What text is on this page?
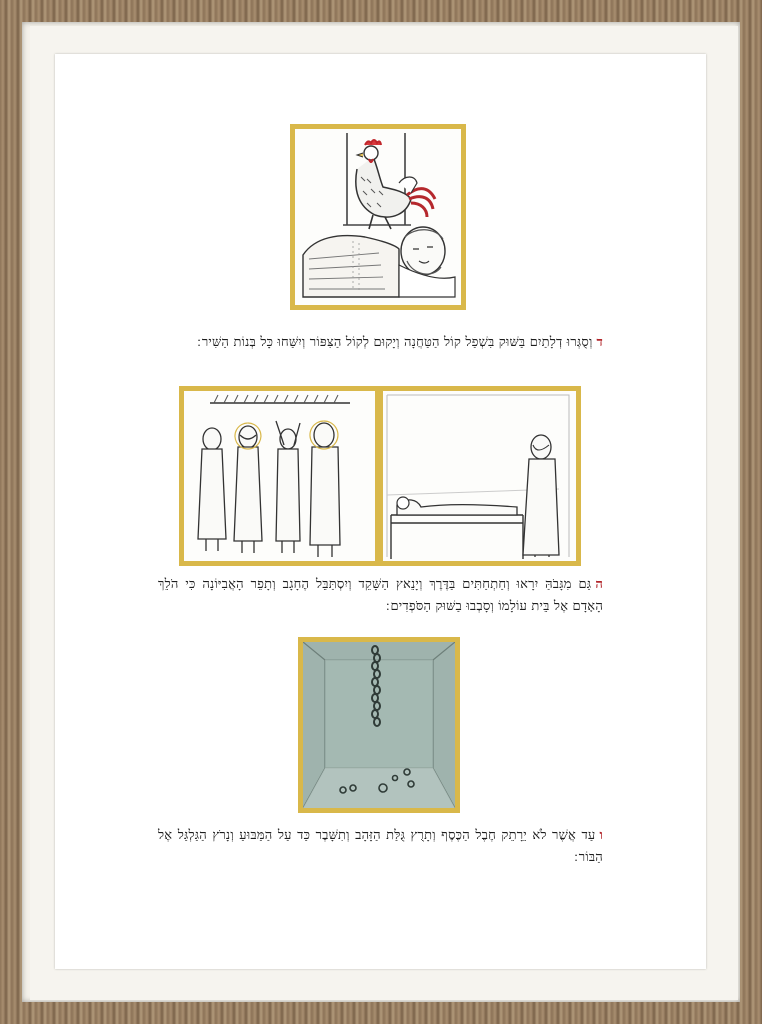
דוְסֻגְּרוּ דְלָתַיִם בַּשּׁוּק בִּשְׁפַל קוֹל הַטַּחֲנָה וְיָקוּם לְקוֹל הַצִּפּוֹר וְיִשַּׁחוּ כָּל בְּנוֹת הַשִּׁיר ׃
הגַּם מִגָּבֹהַּ יִרָאוּ וְחַתְחַתִּים בַּדֶּרֶךְ וְיָנֵאץ הַשָּׁקֵד וְיִסְתַּבֵּל הֶחָגָב וְתָפֵר הָאֲבִיּוֹנָה כִּי הֹלֵךְ הָאָדָם אֶל בֵּית עוֹלָמוֹ וְסָבְבוּ בַשּׁוּק הַסֹּפְדִים ׃
ועַד אֲשֶׁר לֹא יֵרָתֵק חֶבֶל הַכֶּסֶף וְתָרֻץ גֻּלַּת הַזָּהָב וְתִשָּׁבֶר כַּד עַל הַמַּבּוּעַ וְנָרֹץ הַגַּלְגַּל אֶל הַבּוֹר ׃
